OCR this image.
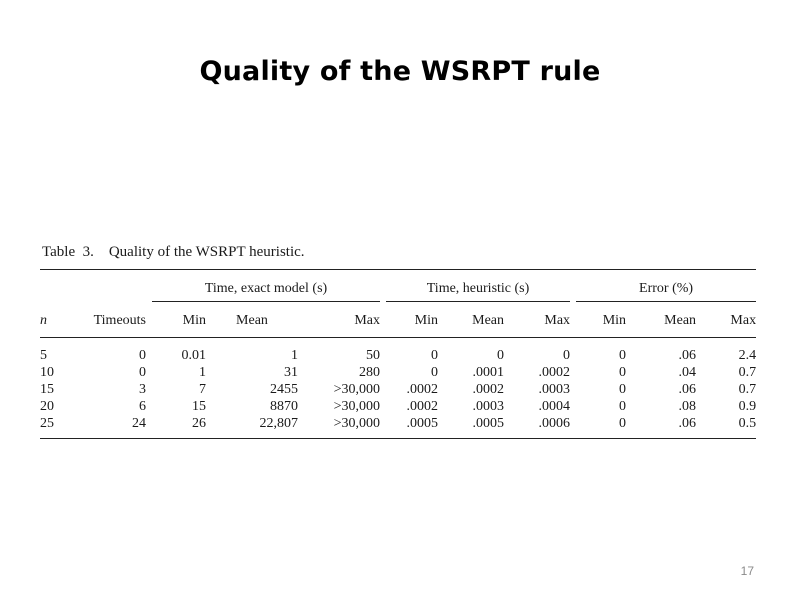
Quality of the WSRPT rule
Table  3.    Quality of the WSRPT heuristic.

		Time, exact model (s)			Time, heuristic (s)			Error (%)		

n	Timeouts	Min	Mean	Max	Min	Mean	Max	Min	Mean	Max
5	0	0.01	1	50	0	0	0	0	.06	2.4
10	0	1	31	280	0	.0001	.0002	0	.04	0.7
15	3	7	2455	>30,000	.0002	.0002	.0003	0	.06	0.7
20	6	15	8870	>30,000	.0002	.0003	.0004	0	.08	0.9
25	24	26	22,807	>30,000	.0005	.0005	.0006	0	.06	0.5
17
